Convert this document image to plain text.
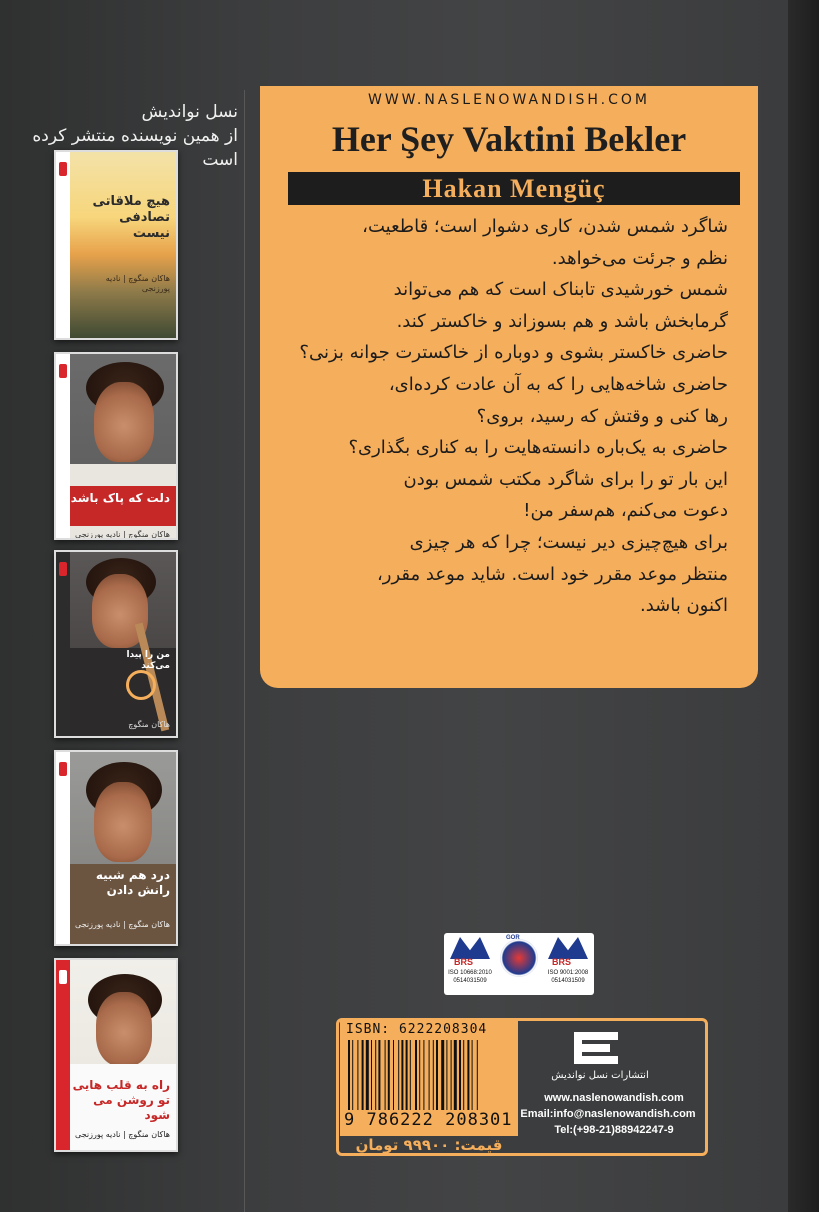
نسل نواندیش
از همین نویسنده منتشر کرده است
هیچ ملاقاتی تصادفی نیست
هاکان منگوچ | نادیه پورزنجی
دلت که پاک باشد
هاکان منگوچ | نادیه پورزنجی
من را پیدا می‌کند
هاکان منگوچ
درد هم شبیه رانش دادن
هاکان منگوچ | نادیه پورزنجی
راه به قلب هایی تو روشن می شود
هاکان منگوچ | نادیه پورزنجی
WWW.NASLENOWANDISH.COM
Her Şey Vaktini Bekler
Hakan Mengüç

شاگرد شمس شدن، کاری دشوار است؛ قاطعیت،

نظم و جرئت می‌خواهد.

شمس خورشیدی تابناک است که هم می‌تواند

گرمابخش باشد و هم بسوزاند و خاکستر کند.

حاضری خاکستر بشوی و دوباره از خاکسترت جوانه بزنی؟

حاضری شاخه‌هایی را که به آن عادت کرده‌ای،

رها کنی و وقتش که رسید، بروی؟

حاضری به یک‌باره دانسته‌هایت را به کناری بگذاری؟

این بار تو را برای شاگرد مکتب شمس بودن

دعوت می‌کنم، هم‌سفر من!

برای هیچ‌چیزی دیر نیست؛ چرا که هر چیزی

منتظر موعد مقرر خود است. شاید موعد مقرر،

اکنون باشد.

BRS
ISO 10668:2010
0514031509
GOR
BRS
ISO 9001:2008
0514031509
ISBN: 6222208304
9 786222 208301
قیمت: ۹۹۹۰۰ تومان
انتشارات نسل نواندیش
www.naslenowandish.com
Email:info@naslenowandish.com
Tel:(+98-21)88942247-9
